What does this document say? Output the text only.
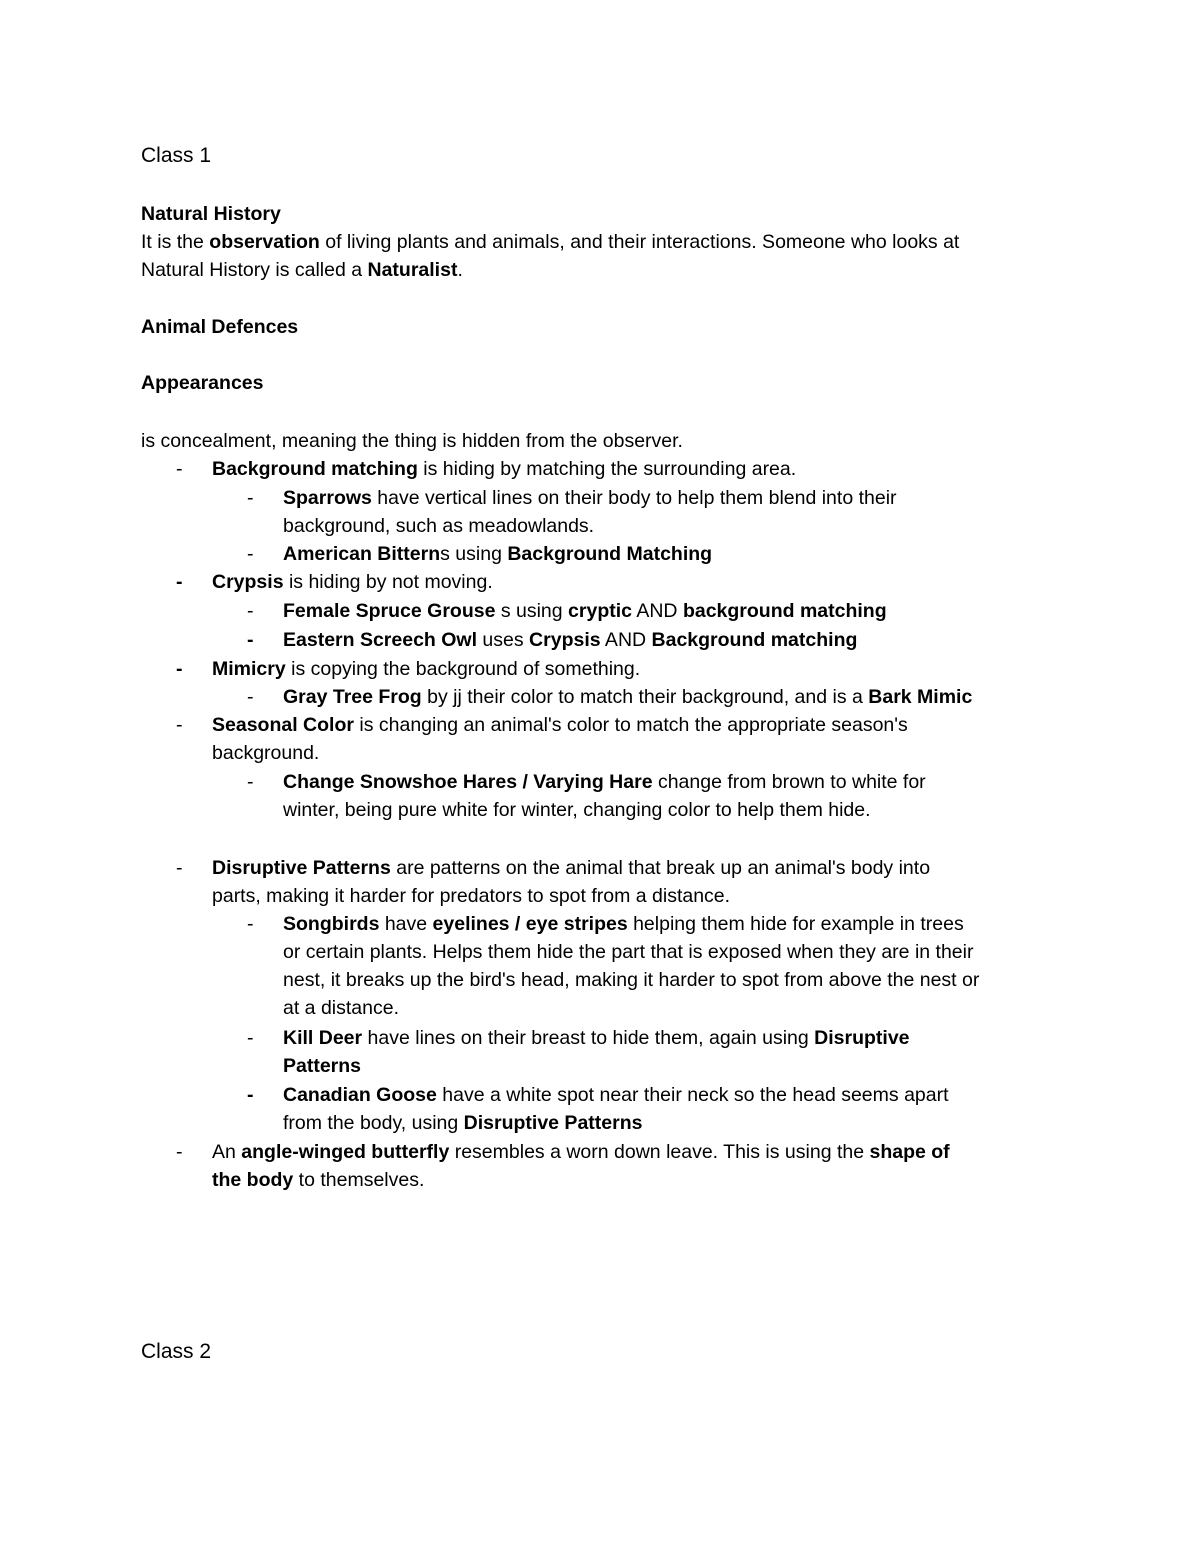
Class 1
Natural History
It is the observation of living plants and animals, and their interactions. Someone who looks at
Natural History is called a Naturalist.
Animal Defences
Appearances
is concealment, meaning the thing is hidden from the observer.
- Background matching is hiding by matching the surrounding area.
- Sparrows have vertical lines on their body to help them blend into their
background, such as meadowlands.
- American Bitterns using Background Matching
- Crypsis is hiding by not moving.
- Female Spruce Grouse s using cryptic AND background matching
- Eastern Screech Owl uses Crypsis AND Background matching
- Mimicry is copying the background of something.
- Gray Tree Frog by jj their color to match their background, and is a Bark Mimic
- Seasonal Color is changing an animal's color to match the appropriate season's
background.
- Change Snowshoe Hares / Varying Hare change from brown to white for
winter, being pure white for winter, changing color to help them hide.
- Disruptive Patterns are patterns on the animal that break up an animal's body into
parts, making it harder for predators to spot from a distance.
- Songbirds have eyelines / eye stripes helping them hide for example in trees
or certain plants. Helps them hide the part that is exposed when they are in their
nest, it breaks up the bird's head, making it harder to spot from above the nest or
at a distance.
- Kill Deer have lines on their breast to hide them, again using Disruptive
Patterns
- Canadian Goose have a white spot near their neck so the head seems apart
from the body, using Disruptive Patterns
- An angle-winged butterfly resembles a worn down leave. This is using the shape of
the body to themselves.
Class 2
